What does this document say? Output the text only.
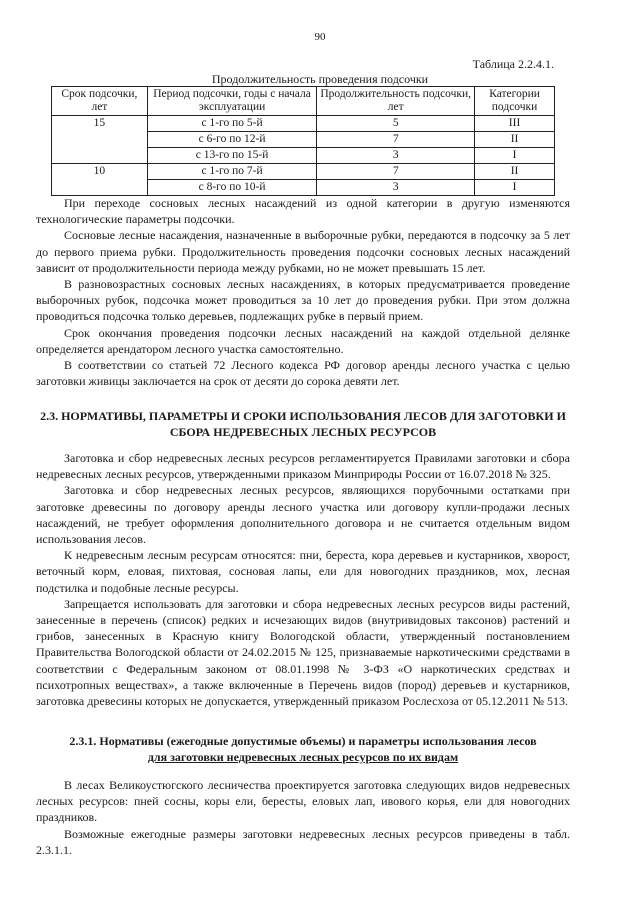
90
Таблица 2.2.4.1.
Продолжительность проведения подсочки
Срок подсочки, лет	Период подсочки, годы с начала эксплуатации	Продолжительность подсочки, лет	Категории подсочки
15	с 1-го по 5-й	5	III
	с 6-го по 12-й	7	II
	с 13-го по 15-й	3	I
10	с 1-го по 7-й	7	II
	с 8-го по 10-й	3	I

При переходе сосновых лесных насаждений из одной категории в другую изменяются технологические параметры подсочки.

Сосновые лесные насаждения, назначенные в выборочные рубки, передаются в подсочку за 5 лет до первого приема рубки. Продолжительность проведения подсочки сосновых лесных насаждений зависит от продолжительности периода между рубками, но не может превышать 15 лет.

В разновозрастных сосновых лесных насаждениях, в которых предусматривается проведение выборочных рубок, подсочка может проводиться за 10 лет до проведения рубки. При этом должна проводиться подсочка только деревьев, подлежащих рубке в первый прием.

Срок окончания проведения подсочки лесных насаждений на каждой отдельной делянке определяется арендатором лесного участка самостоятельно.

В соответствии со статьей 72 Лесного кодекса РФ договор аренды лесного участка с целью заготовки живицы заключается на срок от десяти до сорока девяти лет.

2.3. НОРМАТИВЫ, ПАРАМЕТРЫ И СРОКИ ИСПОЛЬЗОВАНИЯ ЛЕСОВ ДЛЯ ЗАГОТОВКИ И СБОРА НЕДРЕВЕСНЫХ ЛЕСНЫХ РЕСУРСОВ

Заготовка и сбор недревесных лесных ресурсов регламентируется Правилами заготовки и сбора недревесных лесных ресурсов, утвержденными приказом Минприроды России от 16.07.2018 № 325.

Заготовка и сбор недревесных лесных ресурсов, являющихся порубочными остатками при заготовке древесины по договору аренды лесного участка или договору купли-продажи лесных насаждений, не требует оформления дополнительного договора и не считается отдельным видом использования лесов.

К недревесным лесным ресурсам относятся: пни, береста, кора деревьев и кустарников, хворост, веточный корм, еловая, пихтовая, сосновая лапы, ели для новогодних праздников, мох, лесная подстилка и подобные лесные ресурсы.

Запрещается использовать для заготовки и сбора недревесных лесных ресурсов виды растений, занесенные в перечень (список) редких и исчезающих видов (внутривидовых таксонов) растений и грибов, занесенных в Красную книгу Вологодской области, утвержденный постановлением Правительства Вологодской области от 24.02.2015 № 125, признаваемые наркотическими средствами в соответствии с Федеральным законом от 08.01.1998 № 3-ФЗ «О наркотических средствах и психотропных веществах», а также включенные в Перечень видов (пород) деревьев и кустарников, заготовка древесины которых не допускается, утвержденный приказом Рослесхоза от 05.12.2011 № 513.

2.3.1. Нормативы (ежегодные допустимые объемы) и параметры использования лесов
для заготовки недревесных лесных ресурсов по их видам

В лесах Великоустюгского лесничества проектируется заготовка следующих видов недревесных лесных ресурсов: пней сосны, коры ели, бересты, еловых лап, ивового корья, ели для новогодних праздников.

Возможные ежегодные размеры заготовки недревесных лесных ресурсов приведены в табл. 2.3.1.1.
